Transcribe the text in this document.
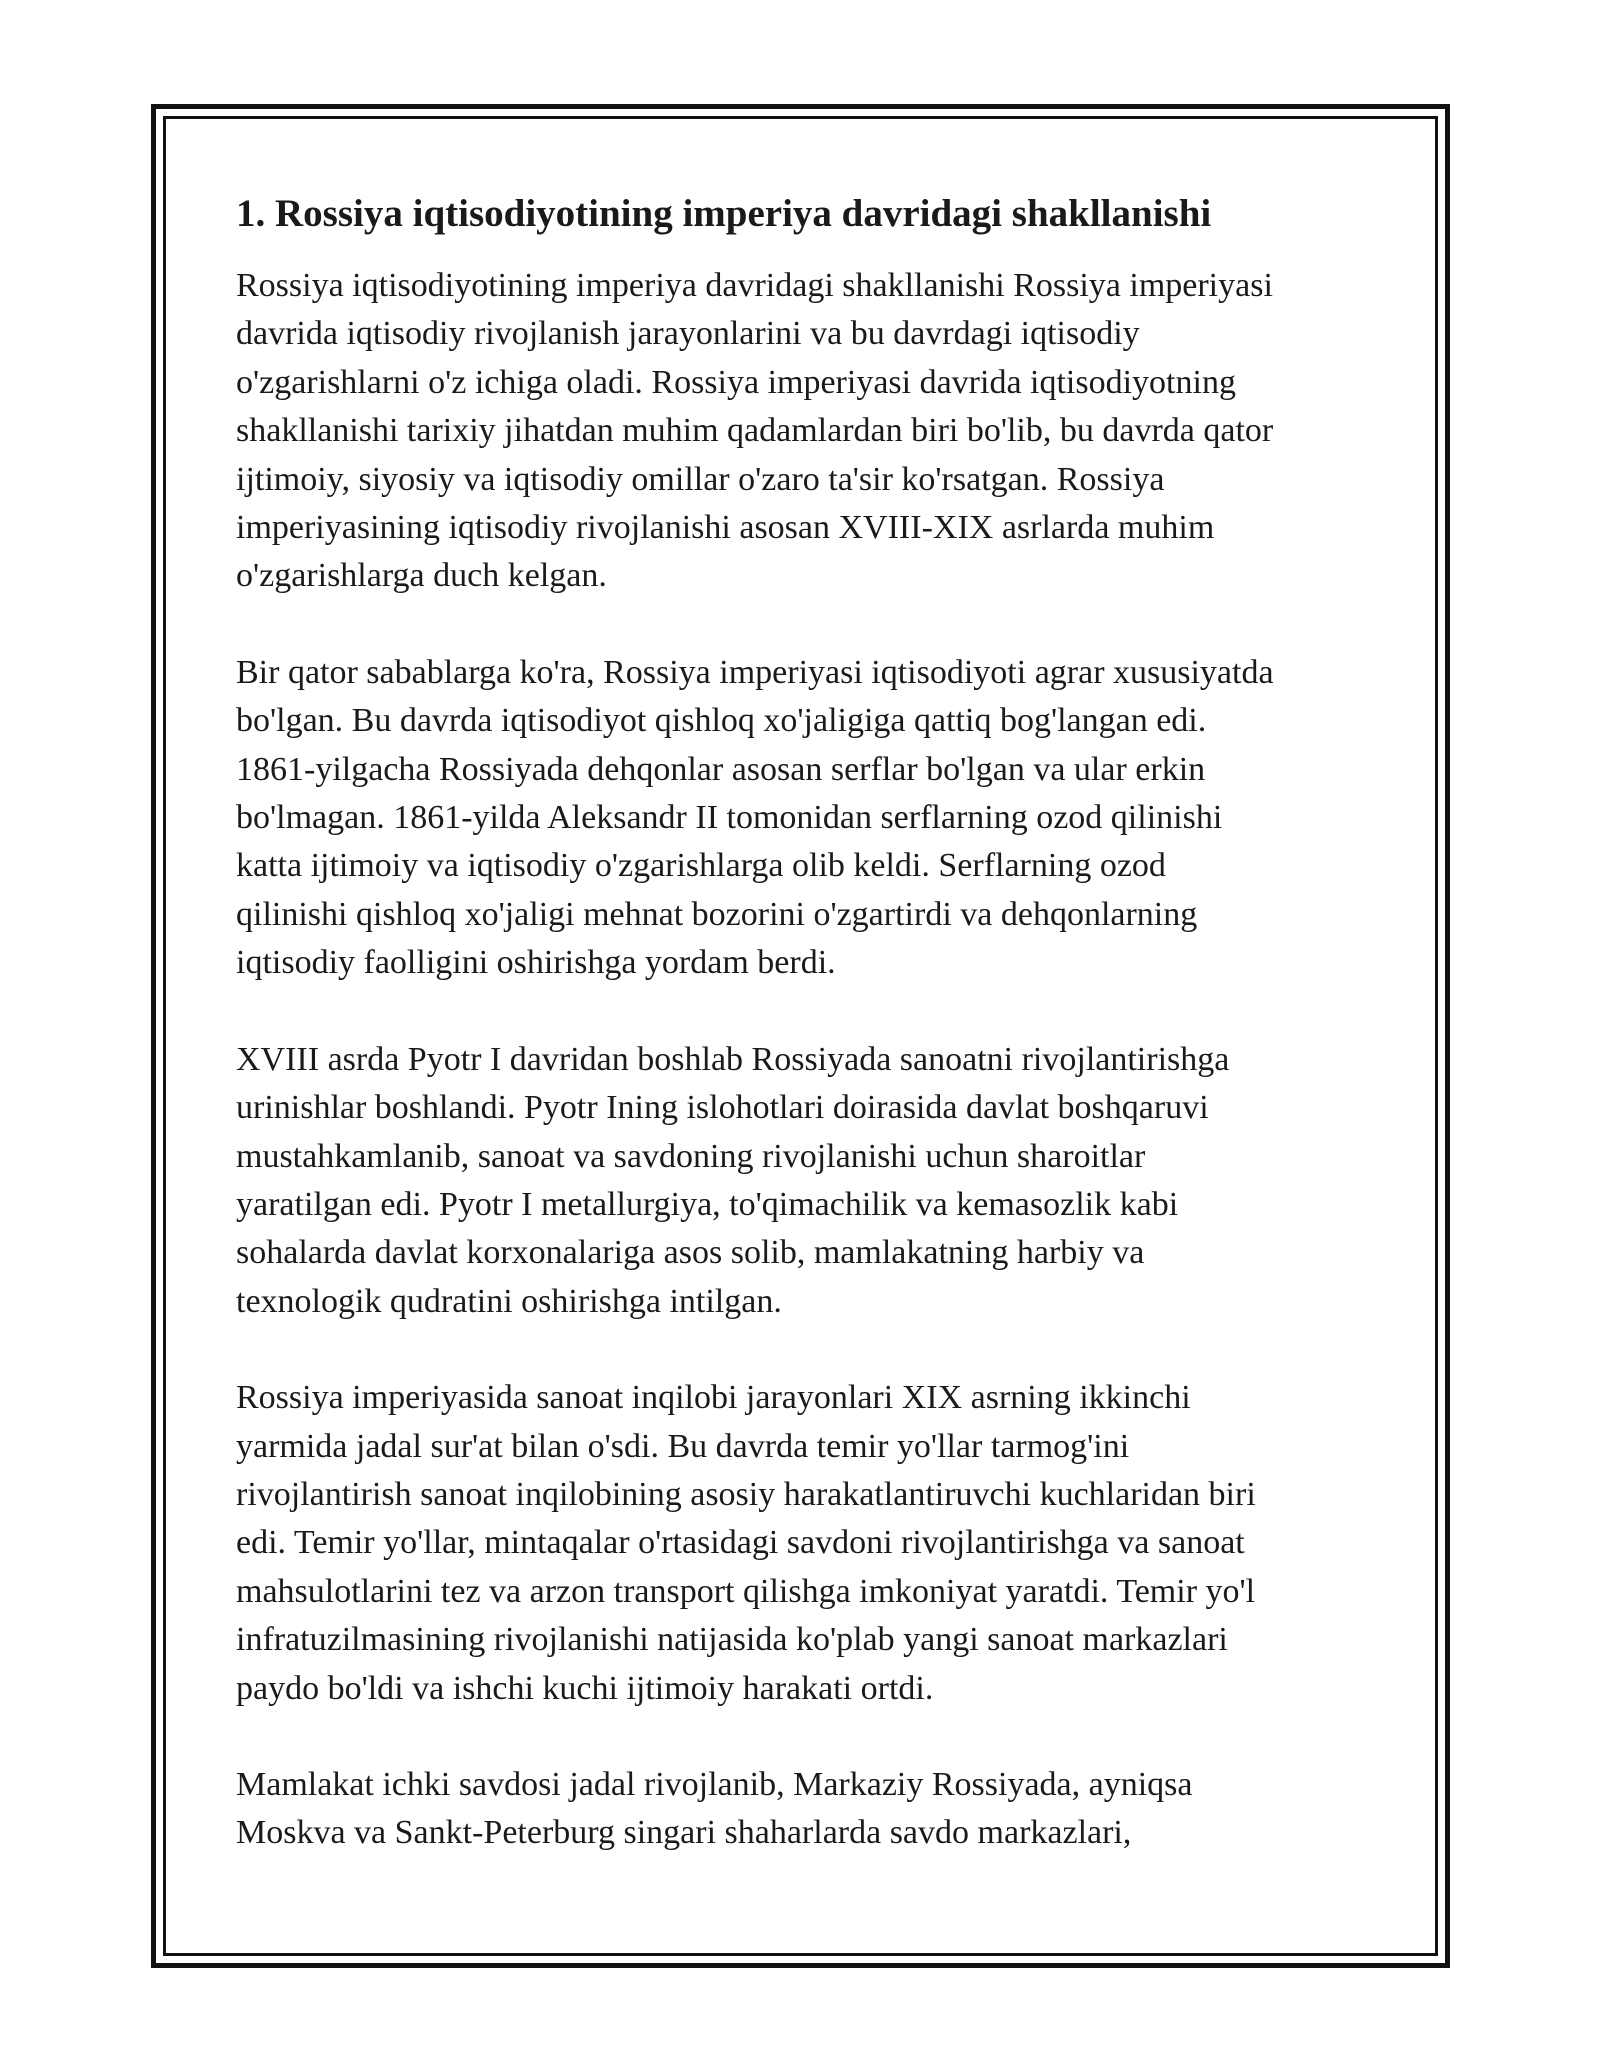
1. Rossiya iqtisodiyotining imperiya davridagi shakllanishi
Rossiya iqtisodiyotining imperiya davridagi shakllanishi Rossiya imperiyasi
davrida iqtisodiy rivojlanish jarayonlarini va bu davrdagi iqtisodiy
o'zgarishlarni o'z ichiga oladi. Rossiya imperiyasi davrida iqtisodiyotning
shakllanishi tarixiy jihatdan muhim qadamlardan biri bo'lib, bu davrda qator
ijtimoiy, siyosiy va iqtisodiy omillar o'zaro ta'sir ko'rsatgan. Rossiya
imperiyasining iqtisodiy rivojlanishi asosan XVIII-XIX asrlarda muhim
o'zgarishlarga duch kelgan.
Bir qator sabablarga ko'ra, Rossiya imperiyasi iqtisodiyoti agrar xususiyatda
bo'lgan. Bu davrda iqtisodiyot qishloq xo'jaligiga qattiq bog'langan edi.
1861-yilgacha Rossiyada dehqonlar asosan serflar bo'lgan va ular erkin
bo'lmagan. 1861-yilda Aleksandr II tomonidan serflarning ozod qilinishi
katta ijtimoiy va iqtisodiy o'zgarishlarga olib keldi. Serflarning ozod
qilinishi qishloq xo'jaligi mehnat bozorini o'zgartirdi va dehqonlarning
iqtisodiy faolligini oshirishga yordam berdi.
XVIII asrda Pyotr I davridan boshlab Rossiyada sanoatni rivojlantirishga
urinishlar boshlandi. Pyotr Ining islohotlari doirasida davlat boshqaruvi
mustahkamlanib, sanoat va savdoning rivojlanishi uchun sharoitlar
yaratilgan edi. Pyotr I metallurgiya, to'qimachilik va kemasozlik kabi
sohalarda davlat korxonalariga asos solib, mamlakatning harbiy va
texnologik qudratini oshirishga intilgan.
Rossiya imperiyasida sanoat inqilobi jarayonlari XIX asrning ikkinchi
yarmida jadal sur'at bilan o'sdi. Bu davrda temir yo'llar tarmog'ini
rivojlantirish sanoat inqilobining asosiy harakatlantiruvchi kuchlaridan biri
edi. Temir yo'llar, mintaqalar o'rtasidagi savdoni rivojlantirishga va sanoat
mahsulotlarini tez va arzon transport qilishga imkoniyat yaratdi. Temir yo'l
infratuzilmasining rivojlanishi natijasida ko'plab yangi sanoat markazlari
paydo bo'ldi va ishchi kuchi ijtimoiy harakati ortdi.
Mamlakat ichki savdosi jadal rivojlanib, Markaziy Rossiyada, ayniqsa
Moskva va Sankt-Peterburg singari shaharlarda savdo markazlari,
